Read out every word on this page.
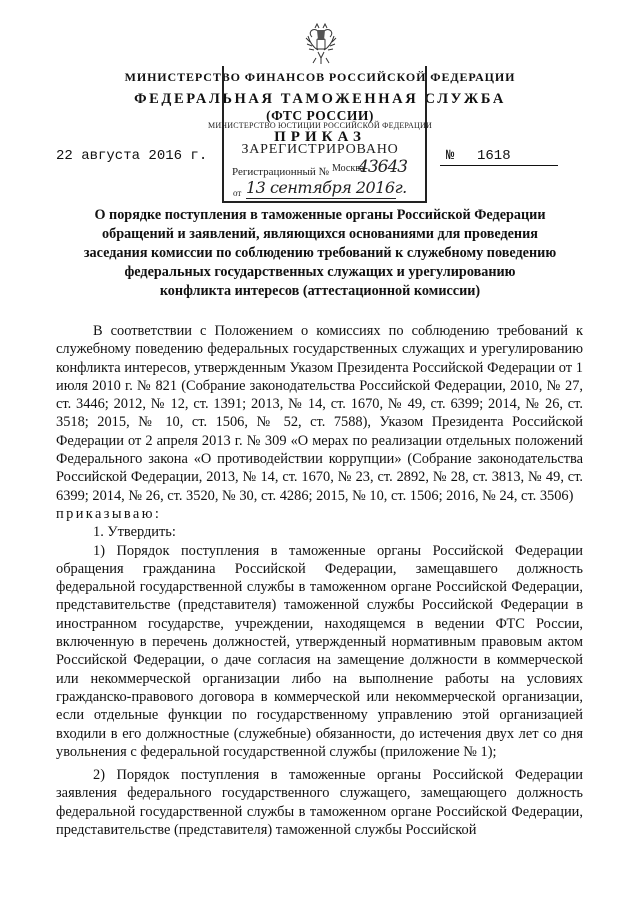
МИНИСТЕРСТВО ФИНАНСОВ РОССИЙСКОЙ ФЕДЕРАЦИИ
ФЕДЕРАЛЬНАЯ ТАМОЖЕННАЯ СЛУЖБА
(ФТС РОССИИ)
ПРИКАЗ
22 августа 2016 г.	№ 1618
МИНИСТЕРСТВО ЮСТИЦИИ РОССИЙСКОЙ ФЕДЕРАЦИИ
ЗАРЕГИСТРИРОВАНО
Регистрационный № Москва
43643
от 13 сентября 2016г.
О порядке поступления в таможенные органы Российской Федерации
обращений и заявлений, являющихся основаниями для проведения
заседания комиссии по соблюдению требований к служебному поведению
федеральных государственных служащих и урегулированию
конфликта интересов (аттестационной комиссии)

В соответствии с Положением о комиссиях по соблюдению требований к служебному поведению федеральных государственных служащих и урегулированию конфликта интересов, утвержденным Указом Президента Российской Федерации от 1 июля 2010 г. № 821 (Собрание законодательства Российской Федерации, 2010, № 27, ст. 3446; 2012, № 12, ст. 1391; 2013, № 14, ст. 1670, № 49, ст. 6399; 2014, № 26, ст. 3518; 2015, № 10, ст. 1506, № 52, ст. 7588), Указом Президента Российской Федерации от 2 апреля 2013 г. № 309 «О мерах по реализации отдельных положений Федерального закона «О противодействии коррупции» (Собрание законодательства Российской Федерации, 2013, № 14, ст. 1670, № 23, ст. 2892, № 28, ст. 3813, № 49, ст. 6399; 2014, № 26, ст. 3520, № 30, ст. 4286; 2015, № 10, ст. 1506; 2016, № 24, ст. 3506)

приказываю:

1. Утвердить:

1) Порядок поступления в таможенные органы Российской Федерации обращения гражданина Российской Федерации, замещавшего должность федеральной государственной службы в таможенном органе Российской Федерации, представительстве (представителя) таможенной службы Российской Федерации в иностранном государстве, учреждении, находящемся в ведении ФТС России, включенную в перечень должностей, утвержденный нормативным правовым актом Российской Федерации, о даче согласия на замещение должности в коммерческой или некоммерческой организации либо на выполнение работы на условиях гражданско-правового договора в коммерческой или некоммерческой организации, если отдельные функции по государственному управлению этой организацией входили в его должностные (служебные) обязанности, до истечения двух лет со дня увольнения с федеральной государственной службы (приложение № 1);

2) Порядок поступления в таможенные органы Российской Федерации заявления федерального государственного служащего, замещающего должность федеральной государственной службы в таможенном органе Российской Федерации, представительстве (представителя) таможенной службы Российской
